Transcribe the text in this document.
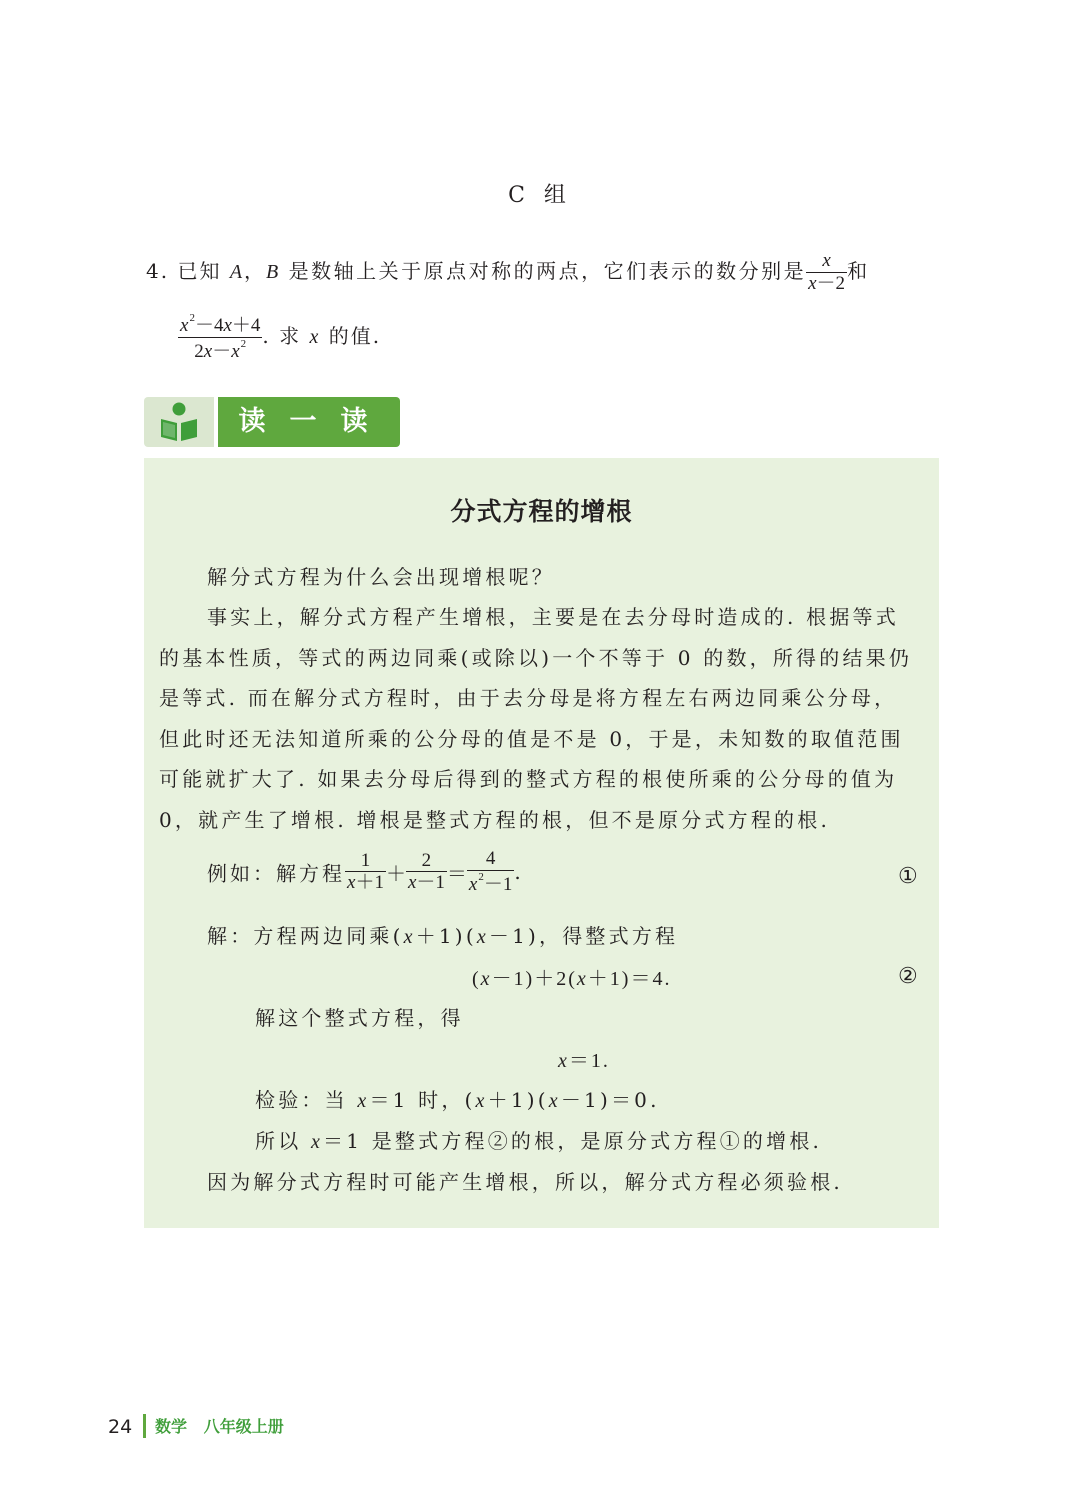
C 组
4. 已知 A，B 是数轴上关于原点对称的两点，它们表示的数分别是 $\frac{x}{x-2}$ 和
$\frac{x^2-4x+4}{2x-x^2}$ . 求 x 的值.
读一读
分式方程的增根
解分式方程为什么会出现增根呢？
事实上，解分式方程产生增根，主要是在去分母时造成的. 根据等式
的基本性质，等式的两边同乘(或除以)一个不等于 0 的数，所得的结果仍
是等式. 而在解分式方程时，由于去分母是将方程左右两边同乘公分母，
但此时还无法知道所乘的公分母的值是不是 0，于是，未知数的取值范围
可能就扩大了. 如果去分母后得到的整式方程的根使所乘的公分母的值为
0，就产生了增根. 增根是整式方程的根，但不是原分式方程的根.
例如：解方程 $\frac{1}{x+1} + \frac{2}{x-1} = \frac{4}{x^2-1}$ .	①
解：方程两边同乘(x＋1)(x－1)，得整式方程
(x－1)＋2(x＋1)＝4.	②
解这个整式方程，得
x＝1.
检验：当 x＝1 时，(x＋1)(x－1)＝0.
所以 x＝1 是整式方程②的根，是原分式方程①的增根.
因为解分式方程时可能产生增根，所以，解分式方程必须验根.
24 数学   八年级上册
